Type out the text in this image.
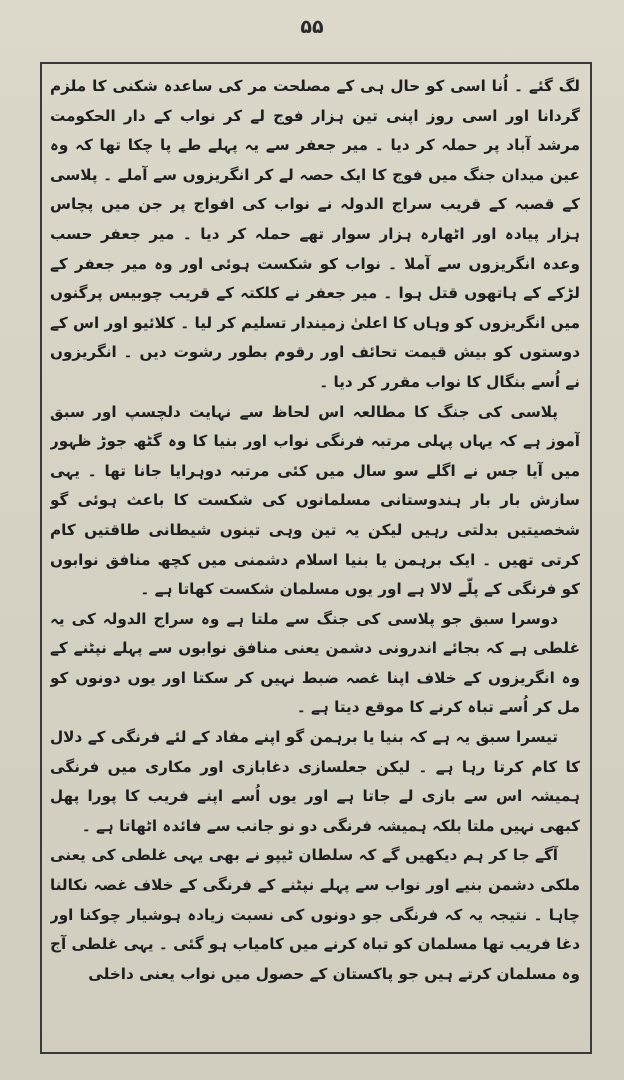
۵۵

لگ گئے ۔ اُنا اسی کو حال ہی کے مصلحت مر کی ساعدہ شکنی کا ملزم گردانا اور اسی روز اپنی تین ہزار فوج لے کر نواب کے دار الحکومت مرشد آباد پر حملہ کر دیا ۔ میر جعفر سے یہ پہلے طے پا چکا تھا کہ وہ عین میدان جنگ میں فوج کا ایک حصہ لے کر انگریزوں سے آملے ۔ پلاسی کے قصبہ کے قریب سراج الدولہ نے نواب کی افواج پر جن میں پچاس ہزار پیادہ اور اٹھارہ ہزار سوار تھے حملہ کر دیا ۔ میر جعفر حسب وعدہ انگریزوں سے آملا ۔ نواب کو شکست ہوئی اور وہ میر جعفر کے لڑکے کے ہاتھوں قتل ہوا ۔ میر جعفر نے کلکتہ کے قریب چوبیس پرگنوں میں انگریزوں کو وہاں کا اعلیٰ زمیندار تسلیم کر لیا ۔ کلائیو اور اس کے دوستوں کو بیش قیمت تحائف اور رقوم بطور رشوت دیں ۔ انگریزوں نے اُسے بنگال کا نواب مقرر کر دیا ۔

پلاسی کی جنگ کا مطالعہ اس لحاظ سے نہایت دلچسپ اور سبق آموز ہے کہ یہاں پہلی مرتبہ فرنگی نواب اور بنیا کا وہ گٹھ جوڑ ظہور میں آیا جس نے اگلے سو سال میں کئی مرتبہ دوہرایا جانا تھا ۔ یہی سازش بار بار ہندوستانی مسلمانوں کی شکست کا باعث ہوئی گو شخصیتیں بدلتی رہیں لیکن یہ تین وہی تینوں شیطانی طاقتیں کام کرتی تھیں ۔ ایک برہمن یا بنیا اسلام دشمنی میں کچھ منافق نوابوں کو فرنگی کے پلّے لالا ہے اور یوں مسلمان شکست کھاتا ہے ۔

دوسرا سبق جو پلاسی کی جنگ سے ملتا ہے وہ سراج الدولہ کی یہ غلطی ہے کہ بجائے اندرونی دشمن یعنی منافق نوابوں سے پہلے نپٹنے کے وہ انگریزوں کے خلاف اپنا غصہ ضبط نہیں کر سکتا اور یوں دونوں کو مل کر اُسے تباہ کرنے کا موقع دیتا ہے ۔

تیسرا سبق یہ ہے کہ بنیا یا برہمن گو اپنے مفاد کے لئے فرنگی کے دلال کا کام کرتا رہا ہے ۔ لیکن جعلسازی دغابازی اور مکاری میں فرنگی ہمیشہ اس سے بازی لے جاتا ہے اور یوں اُسے اپنے فریب کا پورا پھل کبھی نہیں ملتا بلکہ ہمیشہ فرنگی دو نو جانب سے فائدہ اٹھاتا ہے ۔

آگے جا کر ہم دیکھیں گے کہ سلطان ٹیپو نے بھی یہی غلطی کی یعنی ملکی دشمن بنیے اور نواب سے پہلے نپٹنے کے فرنگی کے خلاف غصہ نکالنا چاہا ۔ نتیجہ یہ کہ فرنگی جو دونوں کی نسبت زیادہ ہوشیار چوکنا اور دغا فریب تھا مسلمان کو تباہ کرنے میں کامیاب ہو گئی ۔ یہی غلطی آج وہ مسلمان کرتے ہیں جو پاکستان کے حصول میں نواب یعنی داخلی
